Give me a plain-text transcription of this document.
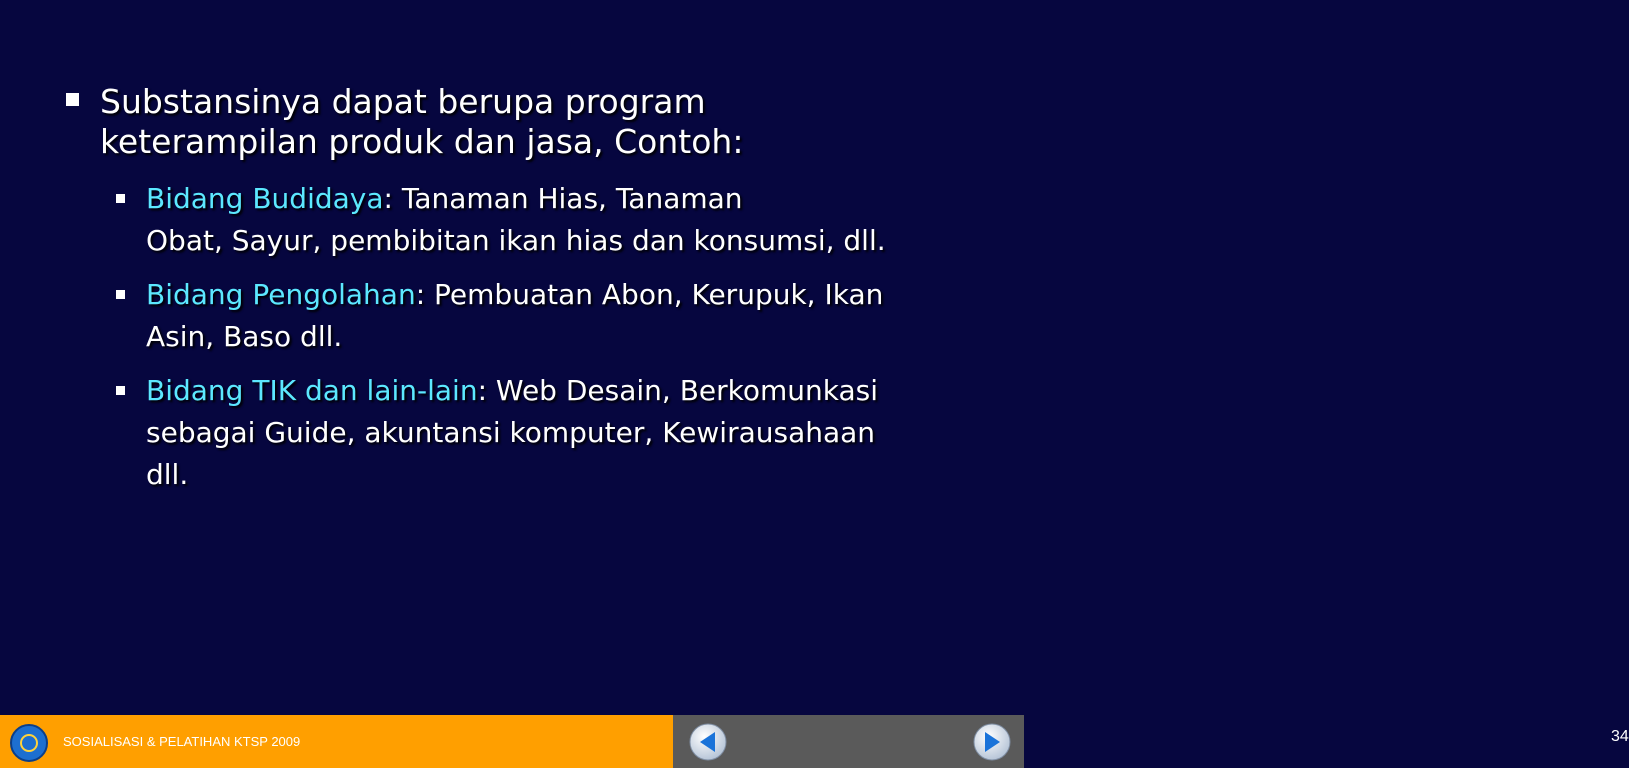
Substansinya dapat berupa program
keterampilan produk dan jasa, Contoh:
Bidang Budidaya: Tanaman Hias, Tanaman
Obat, Sayur, pembibitan ikan hias dan konsumsi, dll.
Bidang Pengolahan: Pembuatan Abon, Kerupuk, Ikan
Asin, Baso dll.
Bidang TIK dan lain-lain: Web Desain, Berkomunkasi
sebagai Guide, akuntansi komputer, Kewirausahaan
dll.
SOSIALISASI & PELATIHAN KTSP 2009	34
